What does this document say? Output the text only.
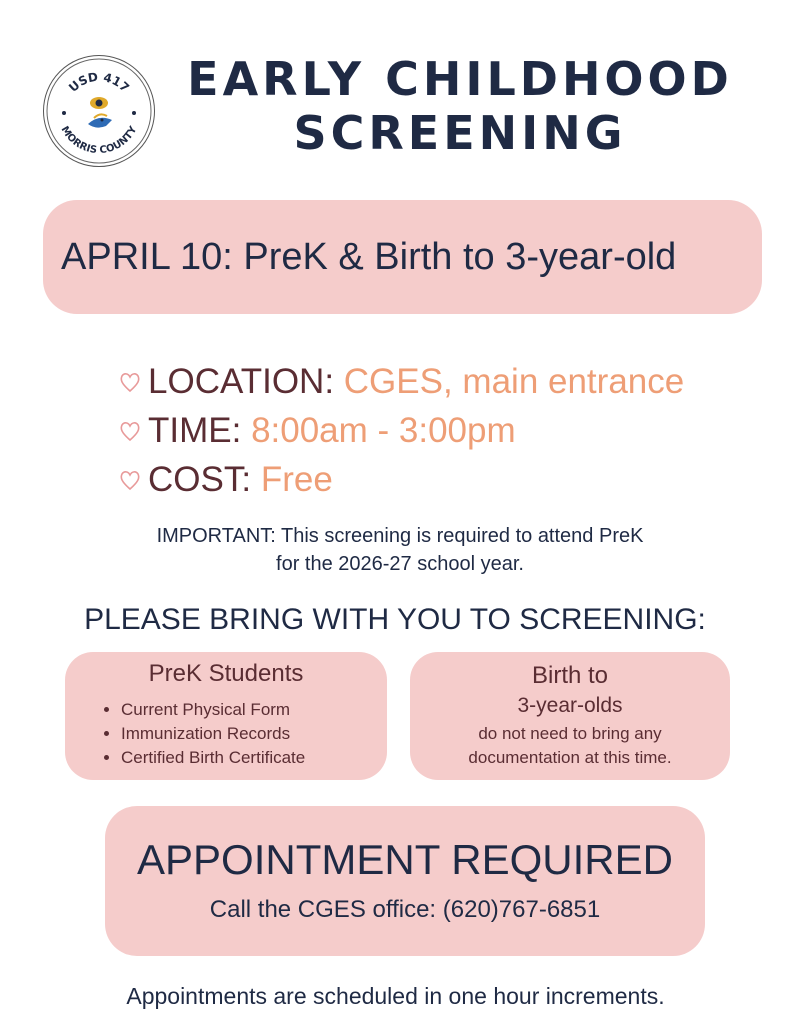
USD 417
MORRIS COUNTY
EARLY CHILDHOOD
SCREENING
APRIL 10: PreK & Birth to 3-year-old
LOCATION:
CGES, main entrance
TIME:
8:00am - 3:00pm
COST:
Free
IMPORTANT: This screening is required to attend PreK
for the 2026-27 school year.
PLEASE BRING WITH YOU TO SCREENING:
PreK Students
• Current Physical Form
• Immunization Records
• Certified Birth Certificate
Birth to
3-year-olds
do not need to bring any
documentation at this time.
APPOINTMENT REQUIRED
Call the CGES office: (620)767-6851
Appointments are scheduled in one hour increments.
